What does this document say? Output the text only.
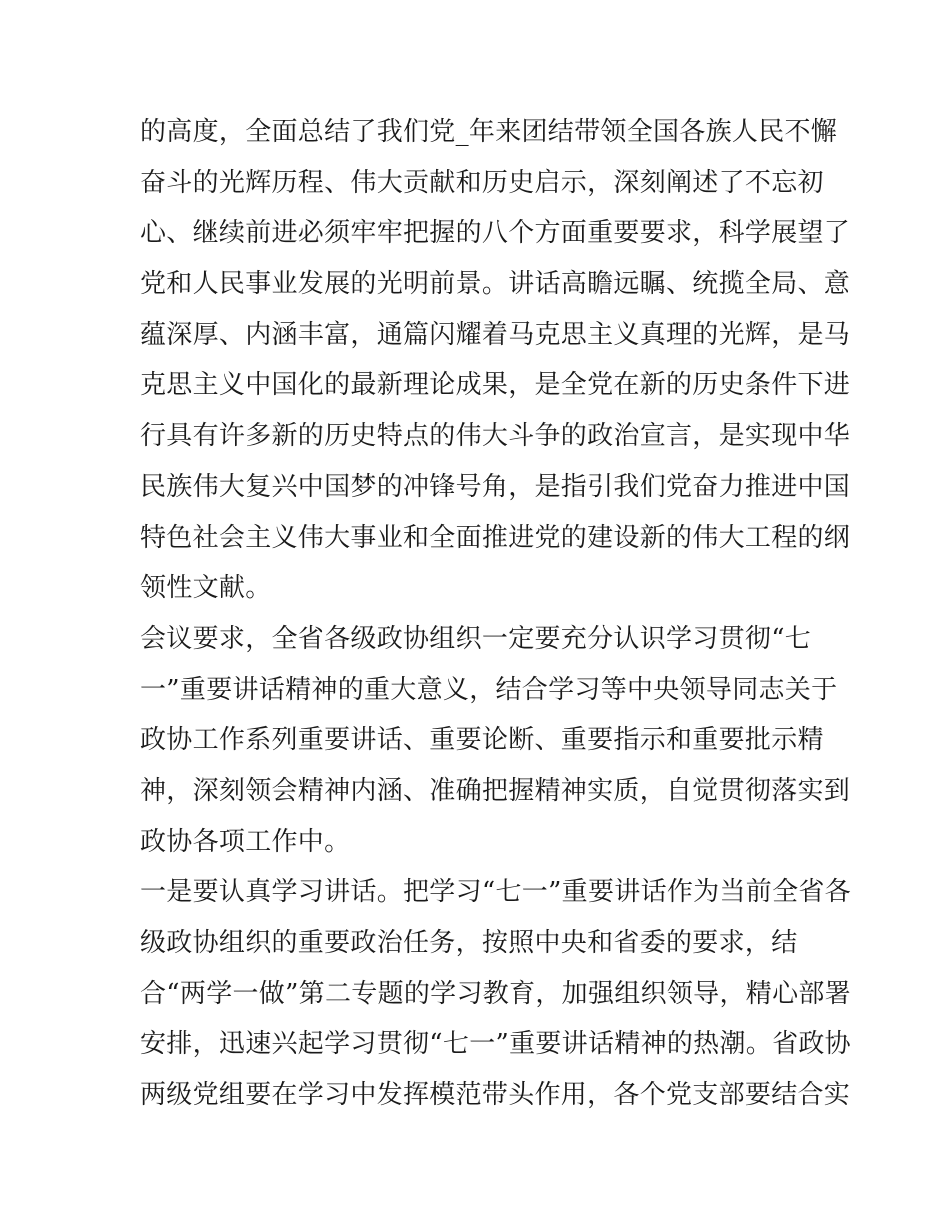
的高度，全面总结了我们党_年来团结带领全国各族人民不懈
奋斗的光辉历程、伟大贡献和历史启示，深刻阐述了不忘初
心、继续前进必须牢牢把握的八个方面重要要求，科学展望了
党和人民事业发展的光明前景。讲话高瞻远瞩、统揽全局、意
蕴深厚、内涵丰富，通篇闪耀着马克思主义真理的光辉，是马
克思主义中国化的最新理论成果，是全党在新的历史条件下进
行具有许多新的历史特点的伟大斗争的政治宣言，是实现中华
民族伟大复兴中国梦的冲锋号角，是指引我们党奋力推进中国
特色社会主义伟大事业和全面推进党的建设新的伟大工程的纲
领性文献。
会议要求，全省各级政协组织一定要充分认识学习贯彻“七
一”重要讲话精神的重大意义，结合学习等中央领导同志关于
政协工作系列重要讲话、重要论断、重要指示和重要批示精
神，深刻领会精神内涵、准确把握精神实质，自觉贯彻落实到
政协各项工作中。
一是要认真学习讲话。把学习“七一”重要讲话作为当前全省各
级政协组织的重要政治任务，按照中央和省委的要求，结
合“两学一做”第二专题的学习教育，加强组织领导，精心部署
安排，迅速兴起学习贯彻“七一”重要讲话精神的热潮。省政协
两级党组要在学习中发挥模范带头作用，各个党支部要结合实
